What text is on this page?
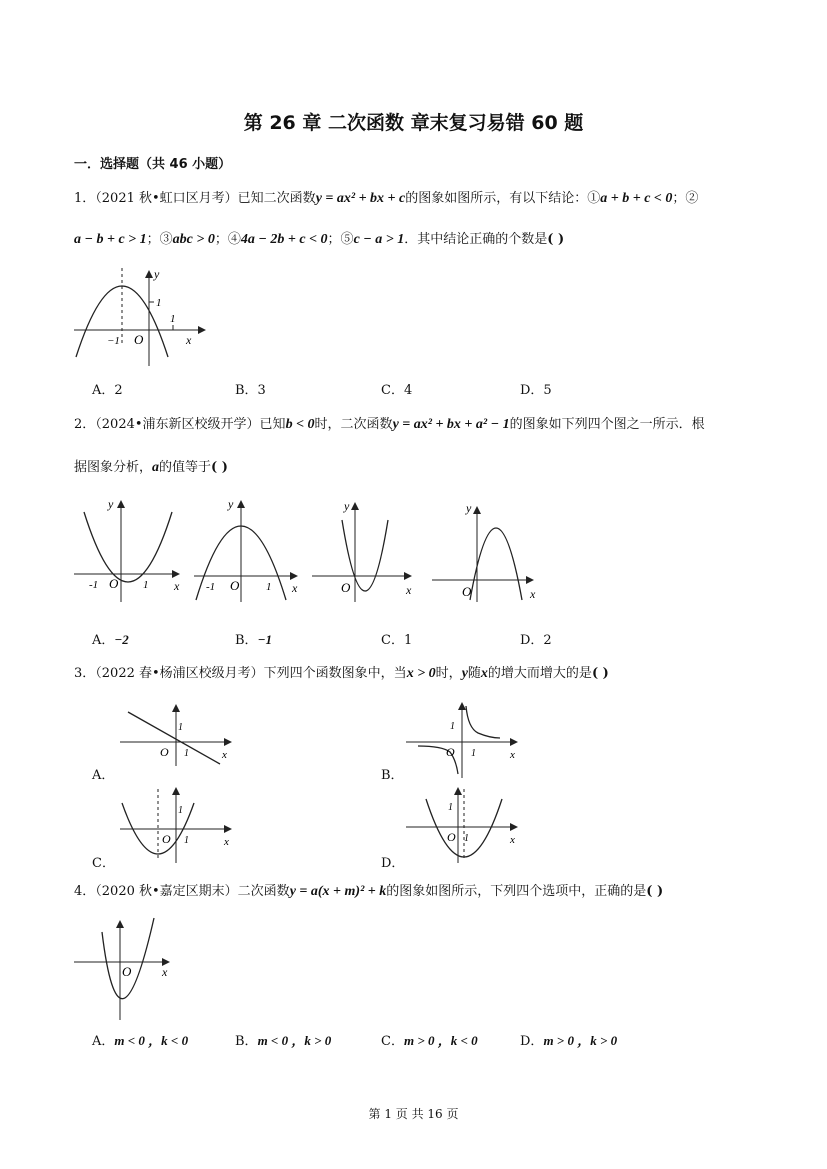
第 26 章 二次函数 章末复习易错 60 题
一．选择题（共 46 小题）
1．（2021 秋•虹口区月考）已知二次函数y = ax² + bx + c的图象如图所示，有以下结论：①a + b + c < 0；②
a − b + c > 1；③abc > 0；④4a − 2b + c < 0；⑤c − a > 1．其中结论正确的个数是( )
y
x
O
1
1
−1
A．2	B．3	C．4	D．5
2．（2024•浦东新区校级开学）已知b < 0时，二次函数y = ax² + bx + a² − 1的图象如下列四个图之一所示．根
据图象分析，a的值等于( )
y
x
O
-1	1
y
x
O
-1	1
y
x
O
y
x
O
A．−2	B．−1	C．1	D．2
3．（2022 春•杨浦区校级月考）下列四个函数图象中，当x > 0时，y随x的增大而增大的是( )
x
O
1
1
A．
x
O
1
1
B．
x
O
1
1
C．
x
O
1
1
D．
4．（2020 秋•嘉定区期末）二次函数y = a(x + m)² + k的图象如图所示，下列四个选项中，正确的是( )
x
O
A．m < 0 ，k < 0	B．m < 0 ，k > 0	C．m > 0 ，k < 0	D．m > 0 ，k > 0
第 1 页 共 16 页
